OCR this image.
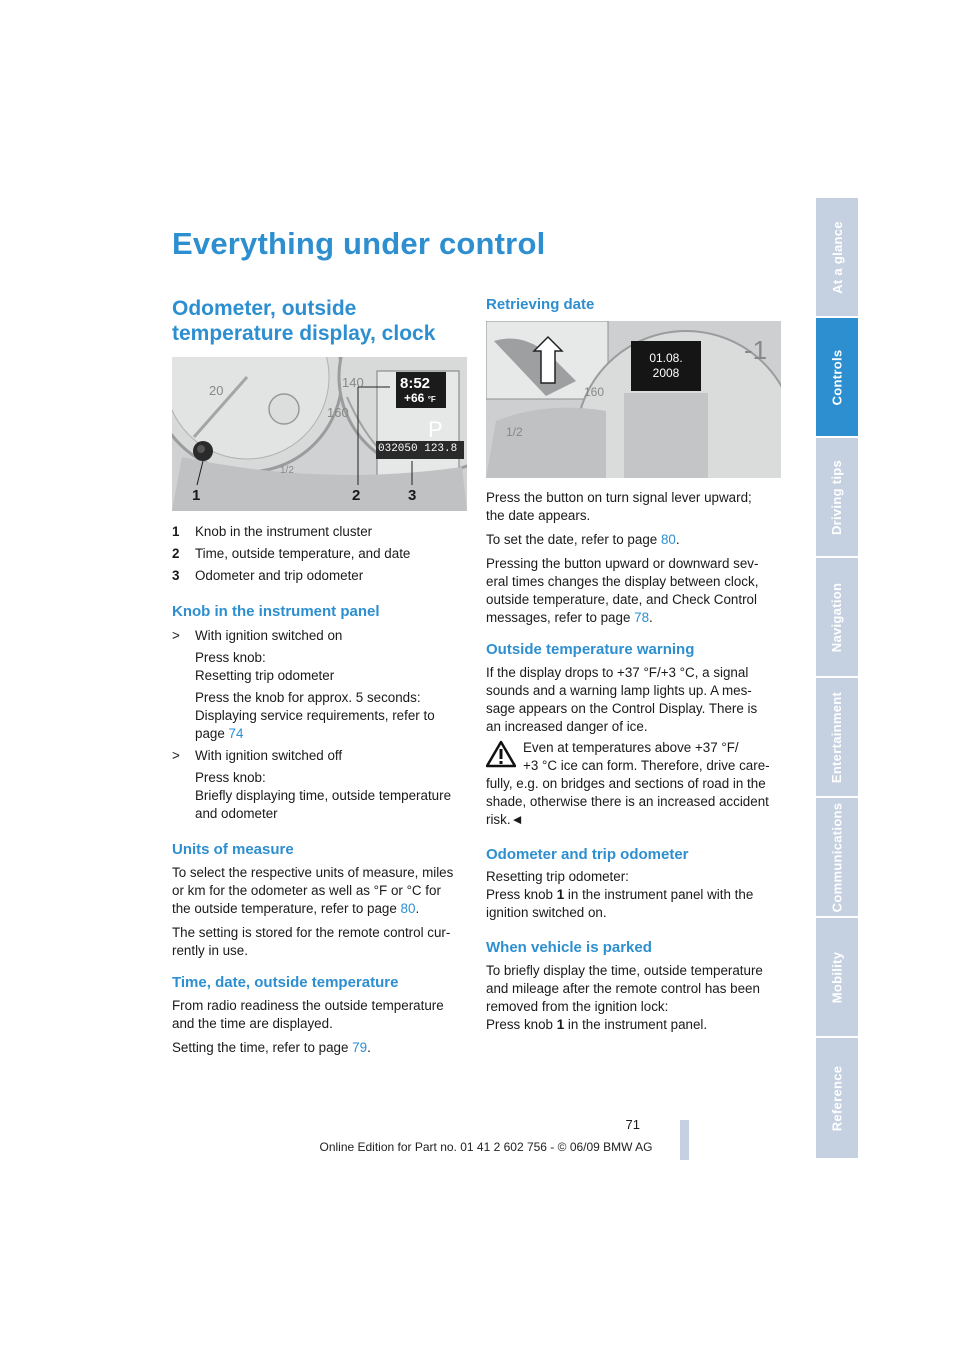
Everything under control
Odometer, outside
temperature display, clock
20
140
160
1/2
P
8:52
+66 °F
032050 123.8
1	2	3
1 Knob in the instrument cluster
2 Time, outside temperature, and date
3 Odometer and trip odometer
Knob in the instrument panel
> With ignition switched on
Press knob:
Resetting trip odometer
Press the knob for approx. 5 seconds:
Displaying service requirements, refer to
page 74
> With ignition switched off
Press knob:
Briefly displaying time, outside temperature
and odometer
Units of measure
To select the respective units of measure, miles
or km for the odometer as well as °F or °C for
the outside temperature, refer to page 80.
The setting is stored for the remote control cur-
rently in use.
Time, date, outside temperature
From radio readiness the outside temperature
and the time are displayed.
Setting the time, refer to page 79.
Retrieving date
-1
1/2
160
01.08.
2008
Press the button on turn signal lever upward;
the date appears.
To set the date, refer to page 80.
Pressing the button upward or downward sev-
eral times changes the display between clock,
outside temperature, date, and Check Control
messages, refer to page 78.
Outside temperature warning
If the display drops to +37 °F/+3 °C, a signal
sounds and a warning lamp lights up. A mes-
sage appears on the Control Display. There is
an increased danger of ice.
Even at temperatures above +37 °F/
+3 °C ice can form. Therefore, drive care-
fully, e.g. on bridges and sections of road in the
shade, otherwise there is an increased accident
risk.◄
Odometer and trip odometer
Resetting trip odometer:
Press knob 1 in the instrument panel with the
ignition switched on.
When vehicle is parked
To briefly display the time, outside temperature
and mileage after the remote control has been
removed from the ignition lock:
Press knob 1 in the instrument panel.
At a glance
Controls
Driving tips
Navigation
Entertainment
Communications
Mobility
Reference
71
Online Edition for Part no. 01 41 2 602 756 - © 06/09 BMW AG
